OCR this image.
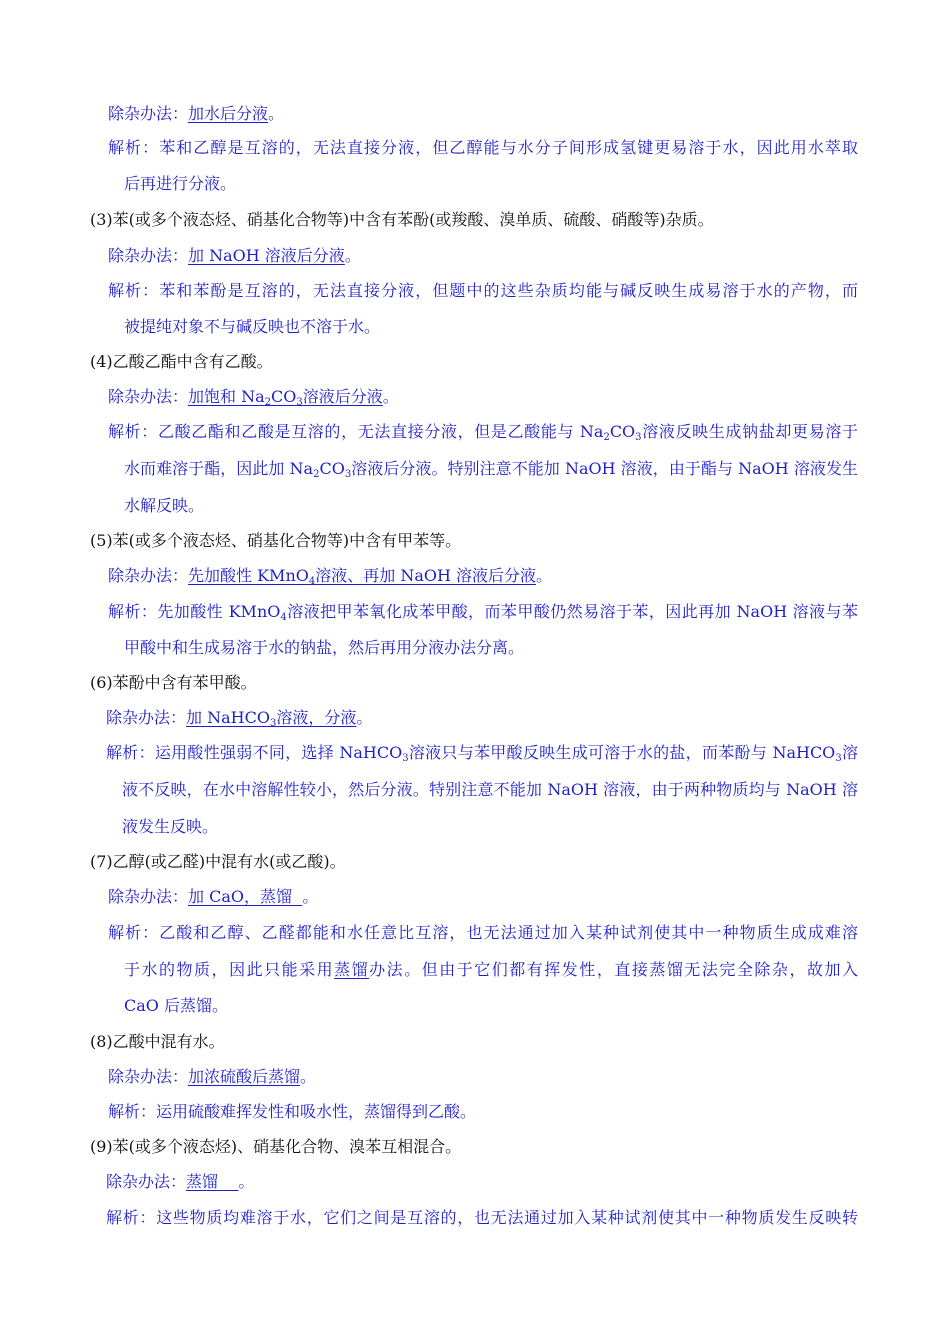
除杂办法：加水后分液。
解析：苯和乙醇是互溶的，无法直接分液，但乙醇能与水分子间形成氢键更易溶于水，因此用水萃取
后再进行分液。
(3)苯(或多个液态烃、硝基化合物等)中含有苯酚(或羧酸、溴单质、硫酸、硝酸等)杂质。
除杂办法：加 NaOH 溶液后分液。
解析：苯和苯酚是互溶的，无法直接分液，但题中的这些杂质均能与碱反映生成易溶于水的产物，而
被提纯对象不与碱反映也不溶于水。
(4)乙酸乙酯中含有乙酸。
除杂办法：加饱和 $Na_2CO_3$溶液后分液。
解析：乙酸乙酯和乙酸是互溶的，无法直接分液，但是乙酸能与 $Na_2CO_3$溶液反映生成钠盐却更易溶于
水而难溶于酯，因此加 $Na_2CO_3$溶液后分液。特别注意不能加 NaOH 溶液，由于酯与 NaOH 溶液发生
水解反映。
(5)苯(或多个液态烃、硝基化合物等)中含有甲苯等。
除杂办法：先加酸性 KMnO$_4$溶液、再加 NaOH 溶液后分液。
解析：先加酸性 KMnO$_4$溶液把甲苯氧化成苯甲酸，而苯甲酸仍然易溶于苯，因此再加 NaOH 溶液与苯
甲酸中和生成易溶于水的钠盐，然后再用分液办法分离。
(6)苯酚中含有苯甲酸。
除杂办法：加 NaHCO$_3$溶液，分液。
解析：运用酸性强弱不同，选择 NaHCO$_3$溶液只与苯甲酸反映生成可溶于水的盐，而苯酚与 NaHCO$_3$溶
液不反映，在水中溶解性较小，然后分液。特别注意不能加 NaOH 溶液，由于两种物质均与 NaOH 溶
液发生反映。
(7)乙醇(或乙醛)中混有水(或乙酸)。
除杂办法：加 CaO，蒸馏 。
解析：乙酸和乙醇、乙醛都能和水任意比互溶，也无法通过加入某种试剂使其中一种物质生成成难溶
于水的物质，因此只能采用蒸馏办法。但由于它们都有挥发性，直接蒸馏无法完全除杂，故加入
CaO 后蒸馏。
(8)乙酸中混有水。
除杂办法：加浓硫酸后蒸馏。
解析：运用硫酸难挥发性和吸水性，蒸馏得到乙酸。
(9)苯(或多个液态烃)、硝基化合物、溴苯互相混合。
除杂办法：蒸馏 。
解析：这些物质均难溶于水，它们之间是互溶的，也无法通过加入某种试剂使其中一种物质发生反映转
